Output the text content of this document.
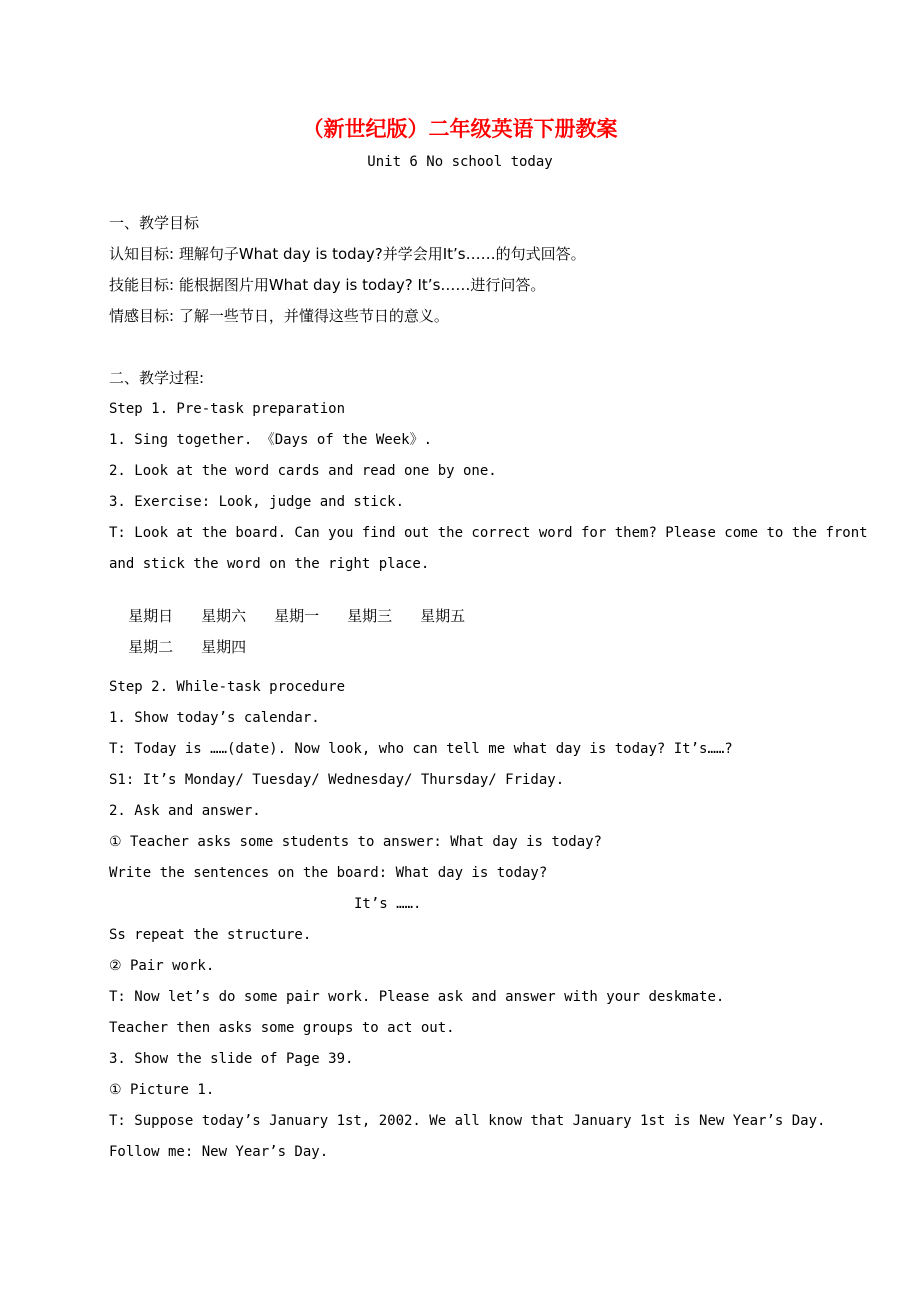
（新世纪版）二年级英语下册教案
Unit 6 No school today
一、教学目标
认知目标: 理解句子What day is today?并学会用It’s……的句式回答。
技能目标: 能根据图片用What day is today? It’s……进行问答。
情感目标: 了解一些节日，并懂得这些节日的意义。
二、教学过程:
Step 1. Pre-task preparation
1. Sing together. 《Days of the Week》.
2. Look at the word cards and read one by one.
3. Exercise: Look, judge and stick.
T: Look at the board. Can you find out the correct word for them? Please come to the front
and stick the word on the right place.

星期日 星期六 星期一 星期三 星期五

星期二 星期四

Step 2. While-task procedure
1. Show today’s calendar.
T: Today is ……(date). Now look, who can tell me what day is today? It’s……?
S1: It’s Monday/ Tuesday/ Wednesday/ Thursday/ Friday.
2. Ask and answer.
① Teacher asks some students to answer: What day is today?
Write the sentences on the board: What day is today?
It’s …….
Ss repeat the structure.
② Pair work.
T: Now let’s do some pair work. Please ask and answer with your deskmate.
Teacher then asks some groups to act out.
3. Show the slide of Page 39.
① Picture 1.
T: Suppose today’s January 1st, 2002. We all know that January 1st is New Year’s Day.
Follow me: New Year’s Day.
